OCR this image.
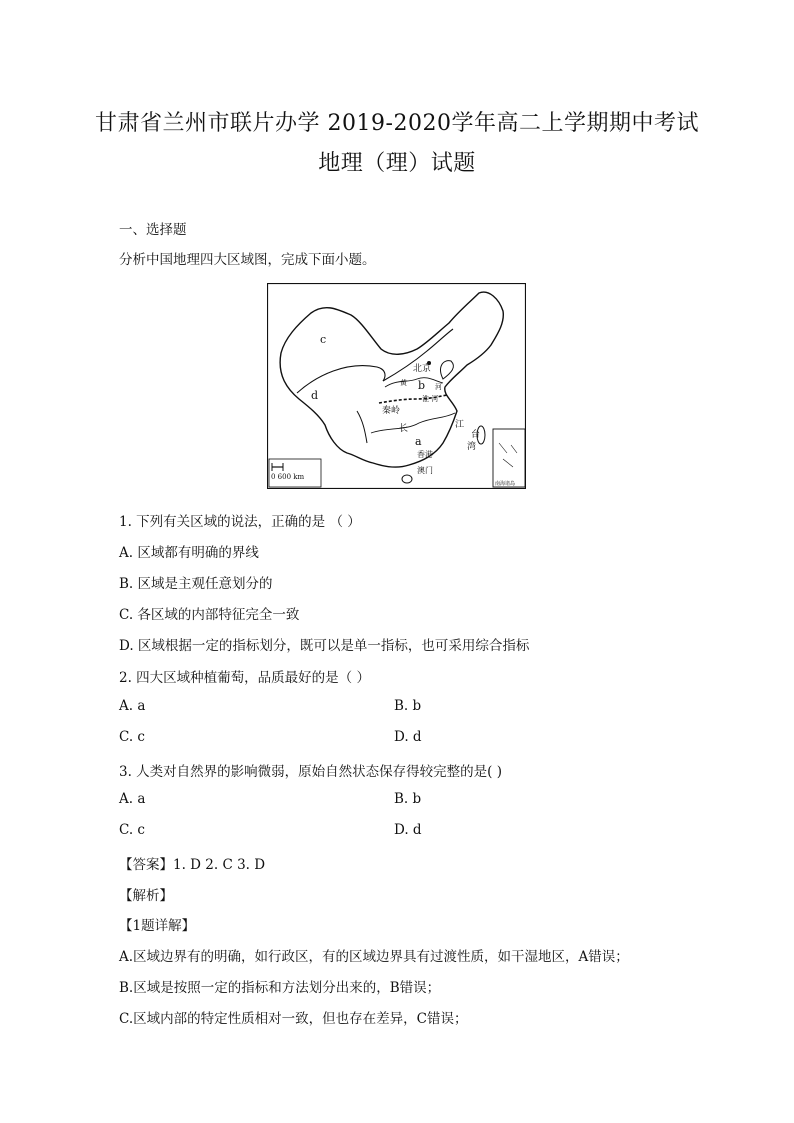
甘肃省兰州市联片办学 2019-2020学年高二上学期期中考试
地理（理）试题
一、选择题
分析中国地理四大区域图，完成下面小题。
c
d
b
a
北京
黄	河
淮 河
秦岭
长	江
台
湾
香港
澳门
0 600 km
南海诸岛
1. 下列有关区域的说法，正确的是 （ ）
A. 区域都有明确的界线
B. 区域是主观任意划分的
C. 各区域的内部特征完全一致
D. 区域根据一定的指标划分，既可以是单一指标，也可采用综合指标
2. 四大区域种植葡萄，品质最好的是（ ）
A. a	B. b
C. c	D. d
3. 人类对自然界的影响微弱，原始自然状态保存得较完整的是( )
A. a	B. b
C. c	D. d
【答案】1. D 2. C 3. D
【解析】
【1题详解】
A.区域边界有的明确，如行政区，有的区域边界具有过渡性质，如干湿地区，A错误；
B.区域是按照一定的指标和方法划分出来的，B错误；
C.区域内部的特定性质相对一致，但也存在差异，C错误；
